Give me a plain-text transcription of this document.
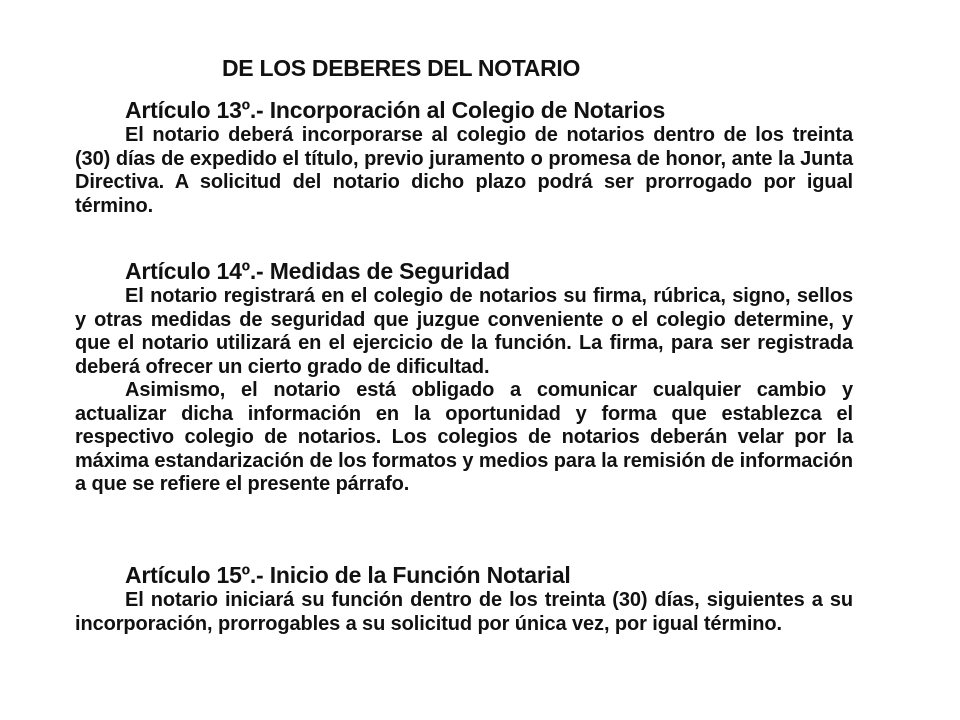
DE LOS DEBERES DEL NOTARIO

Artículo 13º.- Incorporación al Colegio de Notarios

El notario deberá incorporarse al colegio de notarios dentro de los treinta (30) días de expedido el título, previo juramento o promesa de honor, ante la Junta Directiva. A solicitud del notario dicho plazo podrá ser prorrogado por igual término.

Artículo 14º.- Medidas de Seguridad

El notario registrará en el colegio de notarios su firma, rúbrica, signo, sellos y otras medidas de seguridad que juzgue conveniente o el colegio determine, y que el notario utilizará en el ejercicio de la función. La firma, para ser registrada deberá ofrecer un cierto grado de dificultad.

Asimismo, el notario está obligado a comunicar cualquier cambio y actualizar dicha información en la oportunidad y forma que establezca el respectivo colegio de notarios. Los colegios de notarios deberán velar por la máxima estandarización de los formatos y medios para la remisión de información a que se refiere el presente párrafo.

Artículo 15º.- Inicio de la Función Notarial

El notario iniciará su función dentro de los treinta (30) días, siguientes a su incorporación, prorrogables a su solicitud por única vez, por igual término.
